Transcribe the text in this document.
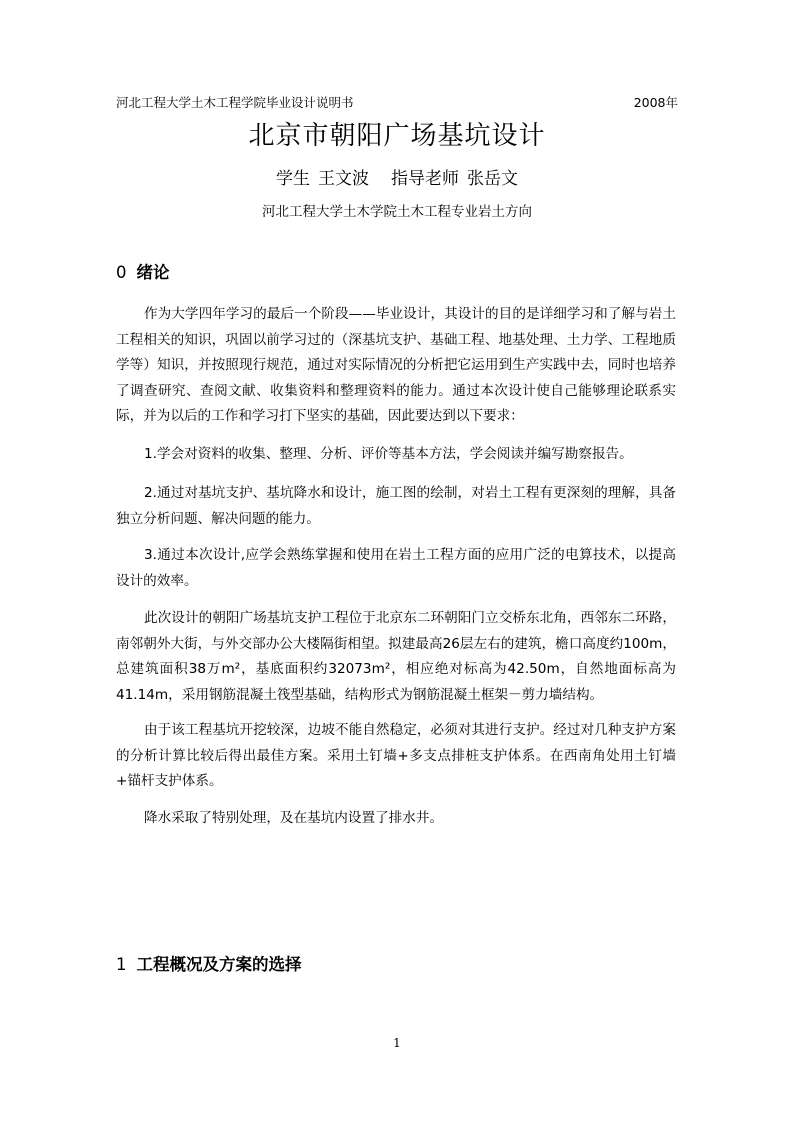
河北工程大学土木工程学院毕业设计说明书	2008年
北京市朝阳广场基坑设计
学生 王文波 指导老师 张岳文
河北工程大学土木学院土木工程专业岩土方向
0 绪论

作为大学四年学习的最后一个阶段——毕业设计，其设计的目的是详细学习和了解与岩土工程相关的知识，巩固以前学习过的（深基坑支护、基础工程、地基处理、土力学、工程地质学等）知识，并按照现行规范，通过对实际情况的分析把它运用到生产实践中去，同时也培养了调查研究、查阅文献、收集资料和整理资料的能力。通过本次设计使自己能够理论联系实际，并为以后的工作和学习打下坚实的基础，因此要达到以下要求：

1.学会对资料的收集、整理、分析、评价等基本方法，学会阅读并编写勘察报告。

2.通过对基坑支护、基坑降水和设计，施工图的绘制，对岩土工程有更深刻的理解，具备独立分析问题、解决问题的能力。

3.通过本次设计,应学会熟练掌握和使用在岩土工程方面的应用广泛的电算技术，以提高设计的效率。

此次设计的朝阳广场基坑支护工程位于北京东二环朝阳门立交桥东北角，西邻东二环路，南邻朝外大街，与外交部办公大楼隔街相望。拟建最高26层左右的建筑，檐口高度约100m，总建筑面积38万m²，基底面积约32073m²，相应绝对标高为42.50m，自然地面标高为41.14m，采用钢筋混凝土筏型基础，结构形式为钢筋混凝土框架－剪力墙结构。

由于该工程基坑开挖较深，边坡不能自然稳定，必须对其进行支护。经过对几种支护方案的分析计算比较后得出最佳方案。采用土钉墙+多支点排桩支护体系。在西南角处用土钉墙+锚杆支护体系。

降水采取了特别处理，及在基坑内设置了排水井。

1 工程概况及方案的选择
1
